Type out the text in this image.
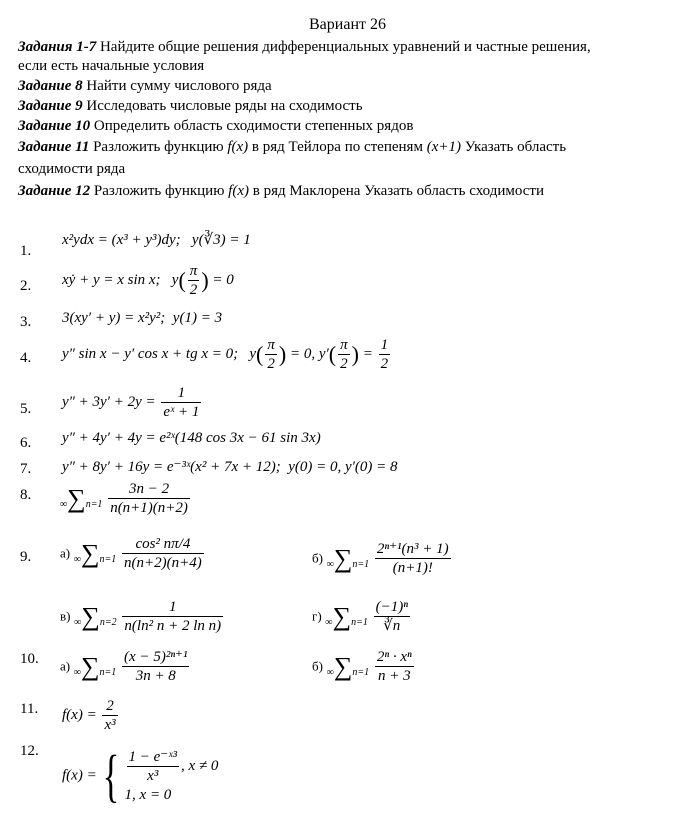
Вариант 26
Задания 1-7 Найдите общие решения дифференциальных уравнений и частные решения,
если есть начальные условия
Задание 8 Найти сумму числового ряда
Задание 9 Исследовать числовые ряды на сходимость
Задание 10 Определить область сходимости степенных рядов
Задание 11 Разложить функцию f(x) в ряд Тейлора по степеням (x+1) Указать область
сходимости ряда
Задание 12 Разложить функцию f(x) в ряд Маклорена Указать область сходимости
1.
x²ydx = (x³ + y³)dy; y(∛3) = 1
2. xẏ + y = x sin x; $y( \frac{\pi}{2}$ ) = 0
3. 3(xy′ + y) = x²y²; y(1) = 3
4. y″ sin x − y′ cos x + tg x = 0; $y( \frac{\pi}{2}$ ) = 0, $y'( \frac{\pi}{2}$ ) = $\frac{1}{2}$
5. $y'' + 3y' + 2y = \frac{1}{\text{eˣ + 1}}$
6. y″ + 4y′ + 4y = e²ˣ(148 cos 3x − 61 sin 3x)
7. y″ + 8y′ + 16y = e⁻³ˣ(x² + 7x + 12); y(0) = 0, y′(0) = 8
8.
$\infty\sum n=1 \frac{3n - 2}{n(n+1)(n+2)}$
9. а) $\infty\sum n=1 \frac{\text{cos² nπ/4}}{n(n+2)(n+4)}$	б) $\infty\sum n=1 \frac{\text{2ⁿ⁺¹(n³ + 1)}}{(n+1)!}$
в) $\infty\sum n=2 \frac{1}{\text{n(ln² n + 2 ln n)}}$	г) $\infty\sum n=1 \frac{\text{(−1)ⁿ}}{∛n}$
10. а) $\infty\sum n=1 \frac{\text{(x − 5)²ⁿ⁺¹}}{3n + 8}$	б) $\infty\sum n=1 \frac{\text{2ⁿ · xⁿ}}{n + 3}$
11. $f(x) = \frac{2}{\text{x³}}$
12.
f(x) ={ $\frac{\text{1 − e⁻ˣ³}}{\text{x³}}$ , x ≠ 0
1, x = 0
